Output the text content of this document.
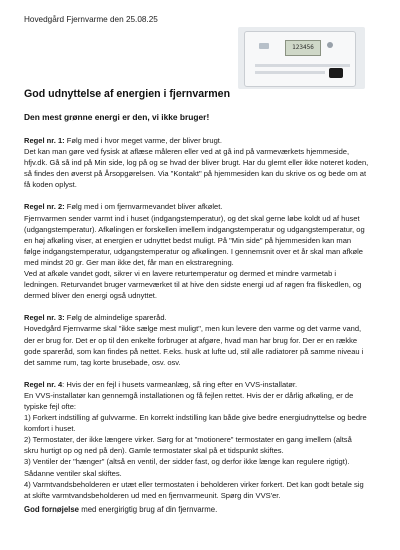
Hovedgård Fjernvarme den 25.08.25
123456
God udnyttelse af energien i fjernvarmen
Den mest grønne energi er den, vi ikke bruger!
Regel nr. 1: Følg med i hvor meget varme, der bliver brugt.
Det kan man gøre ved fysisk at aflæse måleren eller ved at gå ind på varmeværkets hjemmeside,
hfjv.dk. Gå så ind på Min side, log på og se hvad der bliver brugt. Har du glemt eller ikke noteret koden,
så findes den øverst på Årsopgørelsen. Via "Kontakt" på hjemmesiden kan du skrive os og bede om at
få koden oplyst.
Regel nr. 2: Følg med i om fjernvarmevandet bliver afkølet.
Fjernvarmen sender varmt ind i huset (indgangstemperatur), og det skal gerne løbe koldt ud af huset
(udgangstemperatur). Afkølingen er forskellen imellem indgangstemperatur og udgangstemperatur, og
en høj afkøling viser, at energien er udnyttet bedst muligt. På "Min side" på hjemmesiden kan man
følge indgangstemperatur, udgangstemperatur og afkølingen. I gennemsnit over et år skal man afkøle
med mindst 20 gr. Ger man ikke det, får man en ekstraregning.
Ved at afkøle vandet godt, sikrer vi en lavere returtemperatur og dermed et mindre varmetab i
ledningen. Returvandet bruger varmeværket til at hive den sidste energi ud af røgen fra fliskedlen, og
dermed bliver den energi også udnyttet.
Regel nr. 3: Følg de almindelige spareråd.
Hovedgård Fjernvarme skal "ikke sælge mest muligt", men kun levere den varme og det varme vand,
der er brug for. Det er op til den enkelte forbruger at afgøre, hvad man har brug for. Der er en række
gode spareråd, som kan findes på nettet. F.eks. husk at lufte ud, stil alle radiatorer på samme niveau i
det samme rum, tag korte brusebade, osv. osv.
Regel nr. 4: Hvis der en fejl i husets varmeanlæg, så ring efter en VVS-installatør.
En VVS-installatør kan gennemgå installationen og få fejlen rettet. Hvis der er dårlig afkøling, er de
typiske fejl ofte:
1) Forkert indstilling af gulvvarme. En korrekt indstilling kan både give bedre energiudnyttelse og bedre
komfort i huset.
2) Termostater, der ikke længere virker. Sørg for at "motionere" termostater en gang imellem (altså
skru hurtigt op og ned på den). Gamle termostater skal på et tidspunkt skiftes.
3) Ventiler der "hænger" (altså en ventil, der sidder fast, og derfor ikke længe kan regulere rigtigt).
Sådanne ventiler skal skiftes.
4) Varmtvandsbeholderen er utæt eller termostaten i beholderen virker forkert. Det kan godt betale sig
at skifte varmtvandsbeholderen ud med en fjernvarmeunit. Spørg din VVS'er.
God fornøjelse med energirigtig brug af din fjernvarme.
